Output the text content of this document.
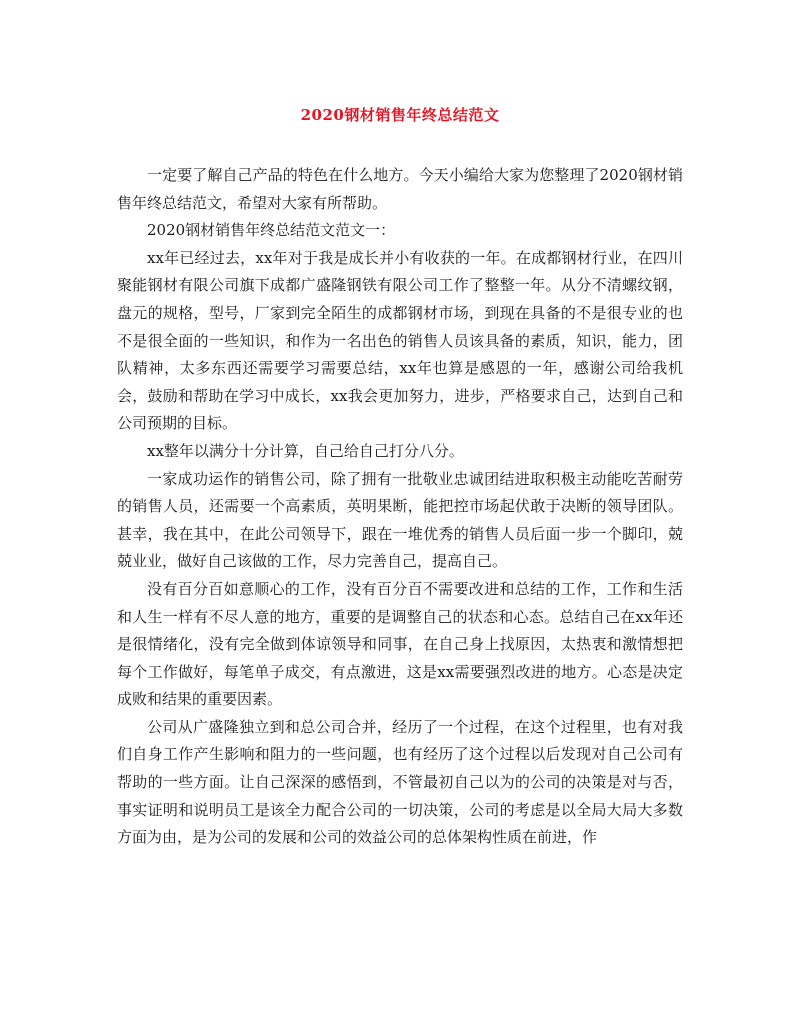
2020钢材销售年终总结范文

一定要了解自己产品的特色在什么地方。今天小编给大家为您整理了2020钢材销售年终总结范文，希望对大家有所帮助。

2020钢材销售年终总结范文范文一：

xx年已经过去，xx年对于我是成长并小有收获的一年。在成都钢材行业，在四川聚能钢材有限公司旗下成都广盛隆钢铁有限公司工作了整整一年。从分不清螺纹钢，盘元的规格，型号，厂家到完全陌生的成都钢材市场，到现在具备的不是很专业的也不是很全面的一些知识，和作为一名出色的销售人员该具备的素质，知识，能力，团队精神，太多东西还需要学习需要总结，xx年也算是感恩的一年，感谢公司给我机会，鼓励和帮助在学习中成长，xx我会更加努力，进步，严格要求自己，达到自己和公司预期的目标。

xx整年以满分十分计算，自己给自己打分八分。

一家成功运作的销售公司，除了拥有一批敬业忠诚团结进取积极主动能吃苦耐劳的销售人员，还需要一个高素质，英明果断，能把控市场起伏敢于决断的领导团队。甚幸，我在其中，在此公司领导下，跟在一堆优秀的销售人员后面一步一个脚印，兢兢业业，做好自己该做的工作，尽力完善自己，提高自己。

没有百分百如意顺心的工作，没有百分百不需要改进和总结的工作，工作和生活和人生一样有不尽人意的地方，重要的是调整自己的状态和心态。总结自己在xx年还是很情绪化，没有完全做到体谅领导和同事，在自己身上找原因，太热衷和激情想把每个工作做好，每笔单子成交，有点激进，这是xx需要强烈改进的地方。心态是决定成败和结果的重要因素。

公司从广盛隆独立到和总公司合并，经历了一个过程，在这个过程里，也有对我们自身工作产生影响和阻力的一些问题，也有经历了这个过程以后发现对自己公司有帮助的一些方面。让自己深深的感悟到，不管最初自己以为的公司的决策是对与否，事实证明和说明员工是该全力配合公司的一切决策，公司的考虑是以全局大局大多数方面为由，是为公司的发展和公司的效益公司的总体架构性质在前进，作
